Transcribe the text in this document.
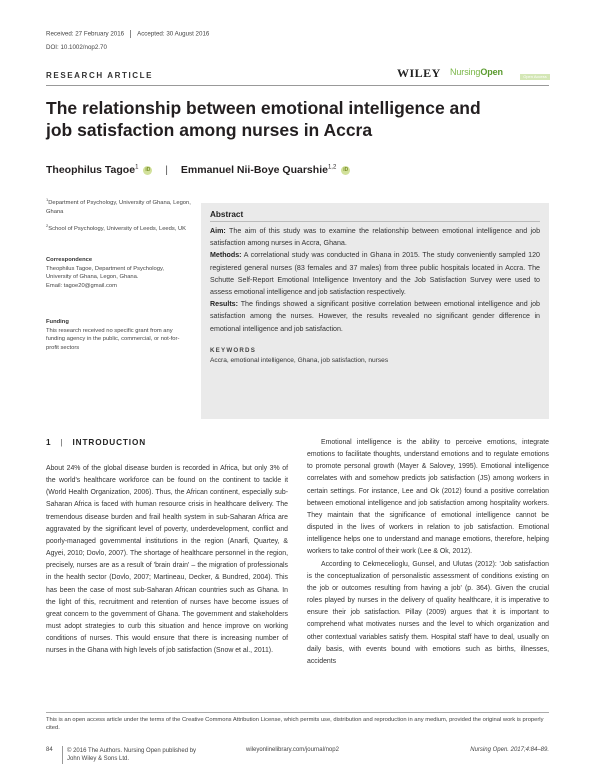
Received: 27 February 2016 Accepted: 30 August 2016
DOI: 10.1002/nop2.70
RESEARCH ARTICLE	WILEY NursingOpen	Open Access
The relationship between emotional intelligence and job satisfaction among nurses in Accra
Theophilus Tagoe$^1$ iD | Emmanuel Nii-Boye Quarshie$^{1,2}$ iD
$^1$Department of Psychology, University of Ghana, Legon, Ghana
$^2$School of Psychology, University of Leeds, Leeds, UK
Correspondence
Theophilus Tagoe, Department of Psychology, University of Ghana, Legon, Ghana.
Email: tagoe20@gmail.com
Funding
This research received no specific grant from any funding agency in the public, commercial, or not-for-profit sectors
Abstract

Aim: The aim of this study was to examine the relationship between emotional intelligence and job satisfaction among nurses in Accra, Ghana.

Methods: A correlational study was conducted in Ghana in 2015. The study conveniently sampled 120 registered general nurses (83 females and 37 males) from three public hospitals located in Accra. The Schutte Self-Report Emotional Intelligence Inventory and the Job Satisfaction Survey were used to assess emotional intelligence and job satisfaction respectively.

Results: The findings showed a significant positive correlation between emotional intelligence and job satisfaction among the nurses. However, the results revealed no significant gender difference in emotional intelligence and job satisfaction.

KEYWORDS
Accra, emotional intelligence, Ghana, job satisfaction, nurses
1 | INTRODUCTION

About 24% of the global disease burden is recorded in Africa, but only 3% of the world's healthcare workforce can be found on the continent to tackle it (World Health Organization, 2006). Thus, the African continent, especially sub-Saharan Africa is faced with human resource crisis in healthcare delivery. The tremendous disease burden and frail health system in sub-Saharan Africa are aggravated by the significant level of poverty, underdevelopment, conflict and poorly-managed governmental institutions in the region (Anarfi, Quartey, & Agyei, 2010; Dovlo, 2007). The shortage of healthcare personnel in the region, precisely, nurses are as a result of 'brain drain' – the migration of professionals in the health sector (Dovlo, 2007; Martineau, Decker, & Bundred, 2004). This has been the case of most sub-Saharan African countries such as Ghana. In the light of this, recruitment and retention of nurses have become issues of great concern to the government of Ghana. The government and stakeholders must adopt strategies to curb this situation and hence improve on working conditions of nurses. This would ensure that there is increasing number of nurses in the Ghana with high levels of job satisfaction (Snow et al., 2011).

Emotional intelligence is the ability to perceive emotions, integrate emotions to facilitate thoughts, understand emotions and to regulate emotions to promote personal growth (Mayer & Salovey, 1995). Emotional intelligence correlates with and somehow predicts job satisfaction (JS) among workers in certain settings. For instance, Lee and Ok (2012) found a positive correlation between emotional intelligence and job satisfaction among hospitality workers. They maintain that the significance of emotional intelligence cannot be disputed in the lives of workers in relation to job satisfaction. Emotional intelligence helps one to understand and manage emotions, therefore, helping workers to take control of their work (Lee & Ok, 2012).

According to Cekmecelioglu, Gunsel, and Ulutas (2012): 'Job satisfaction is the conceptualization of personalistic assessment of conditions existing on the job or outcomes resulting from having a job' (p. 364). Given the crucial roles played by nurses in the delivery of quality healthcare, it is imperative to ensure their job satisfaction. Pillay (2009) argues that it is important to comprehend what motivates nurses and the level to which organization and other contextual variables satisfy them. Hospital staff have to deal, usually on daily basis, with events bound with emotions such as births, illnesses, accidents

This is an open access article under the terms of the Creative Commons Attribution License, which permits use, distribution and reproduction in any medium, provided the original work is properly cited.
84 © 2016 The Authors. Nursing Open published by
John Wiley & Sons Ltd.
wileyonlinelibrary.com/journal/nop2	Nursing Open. 2017;4:84–89.
